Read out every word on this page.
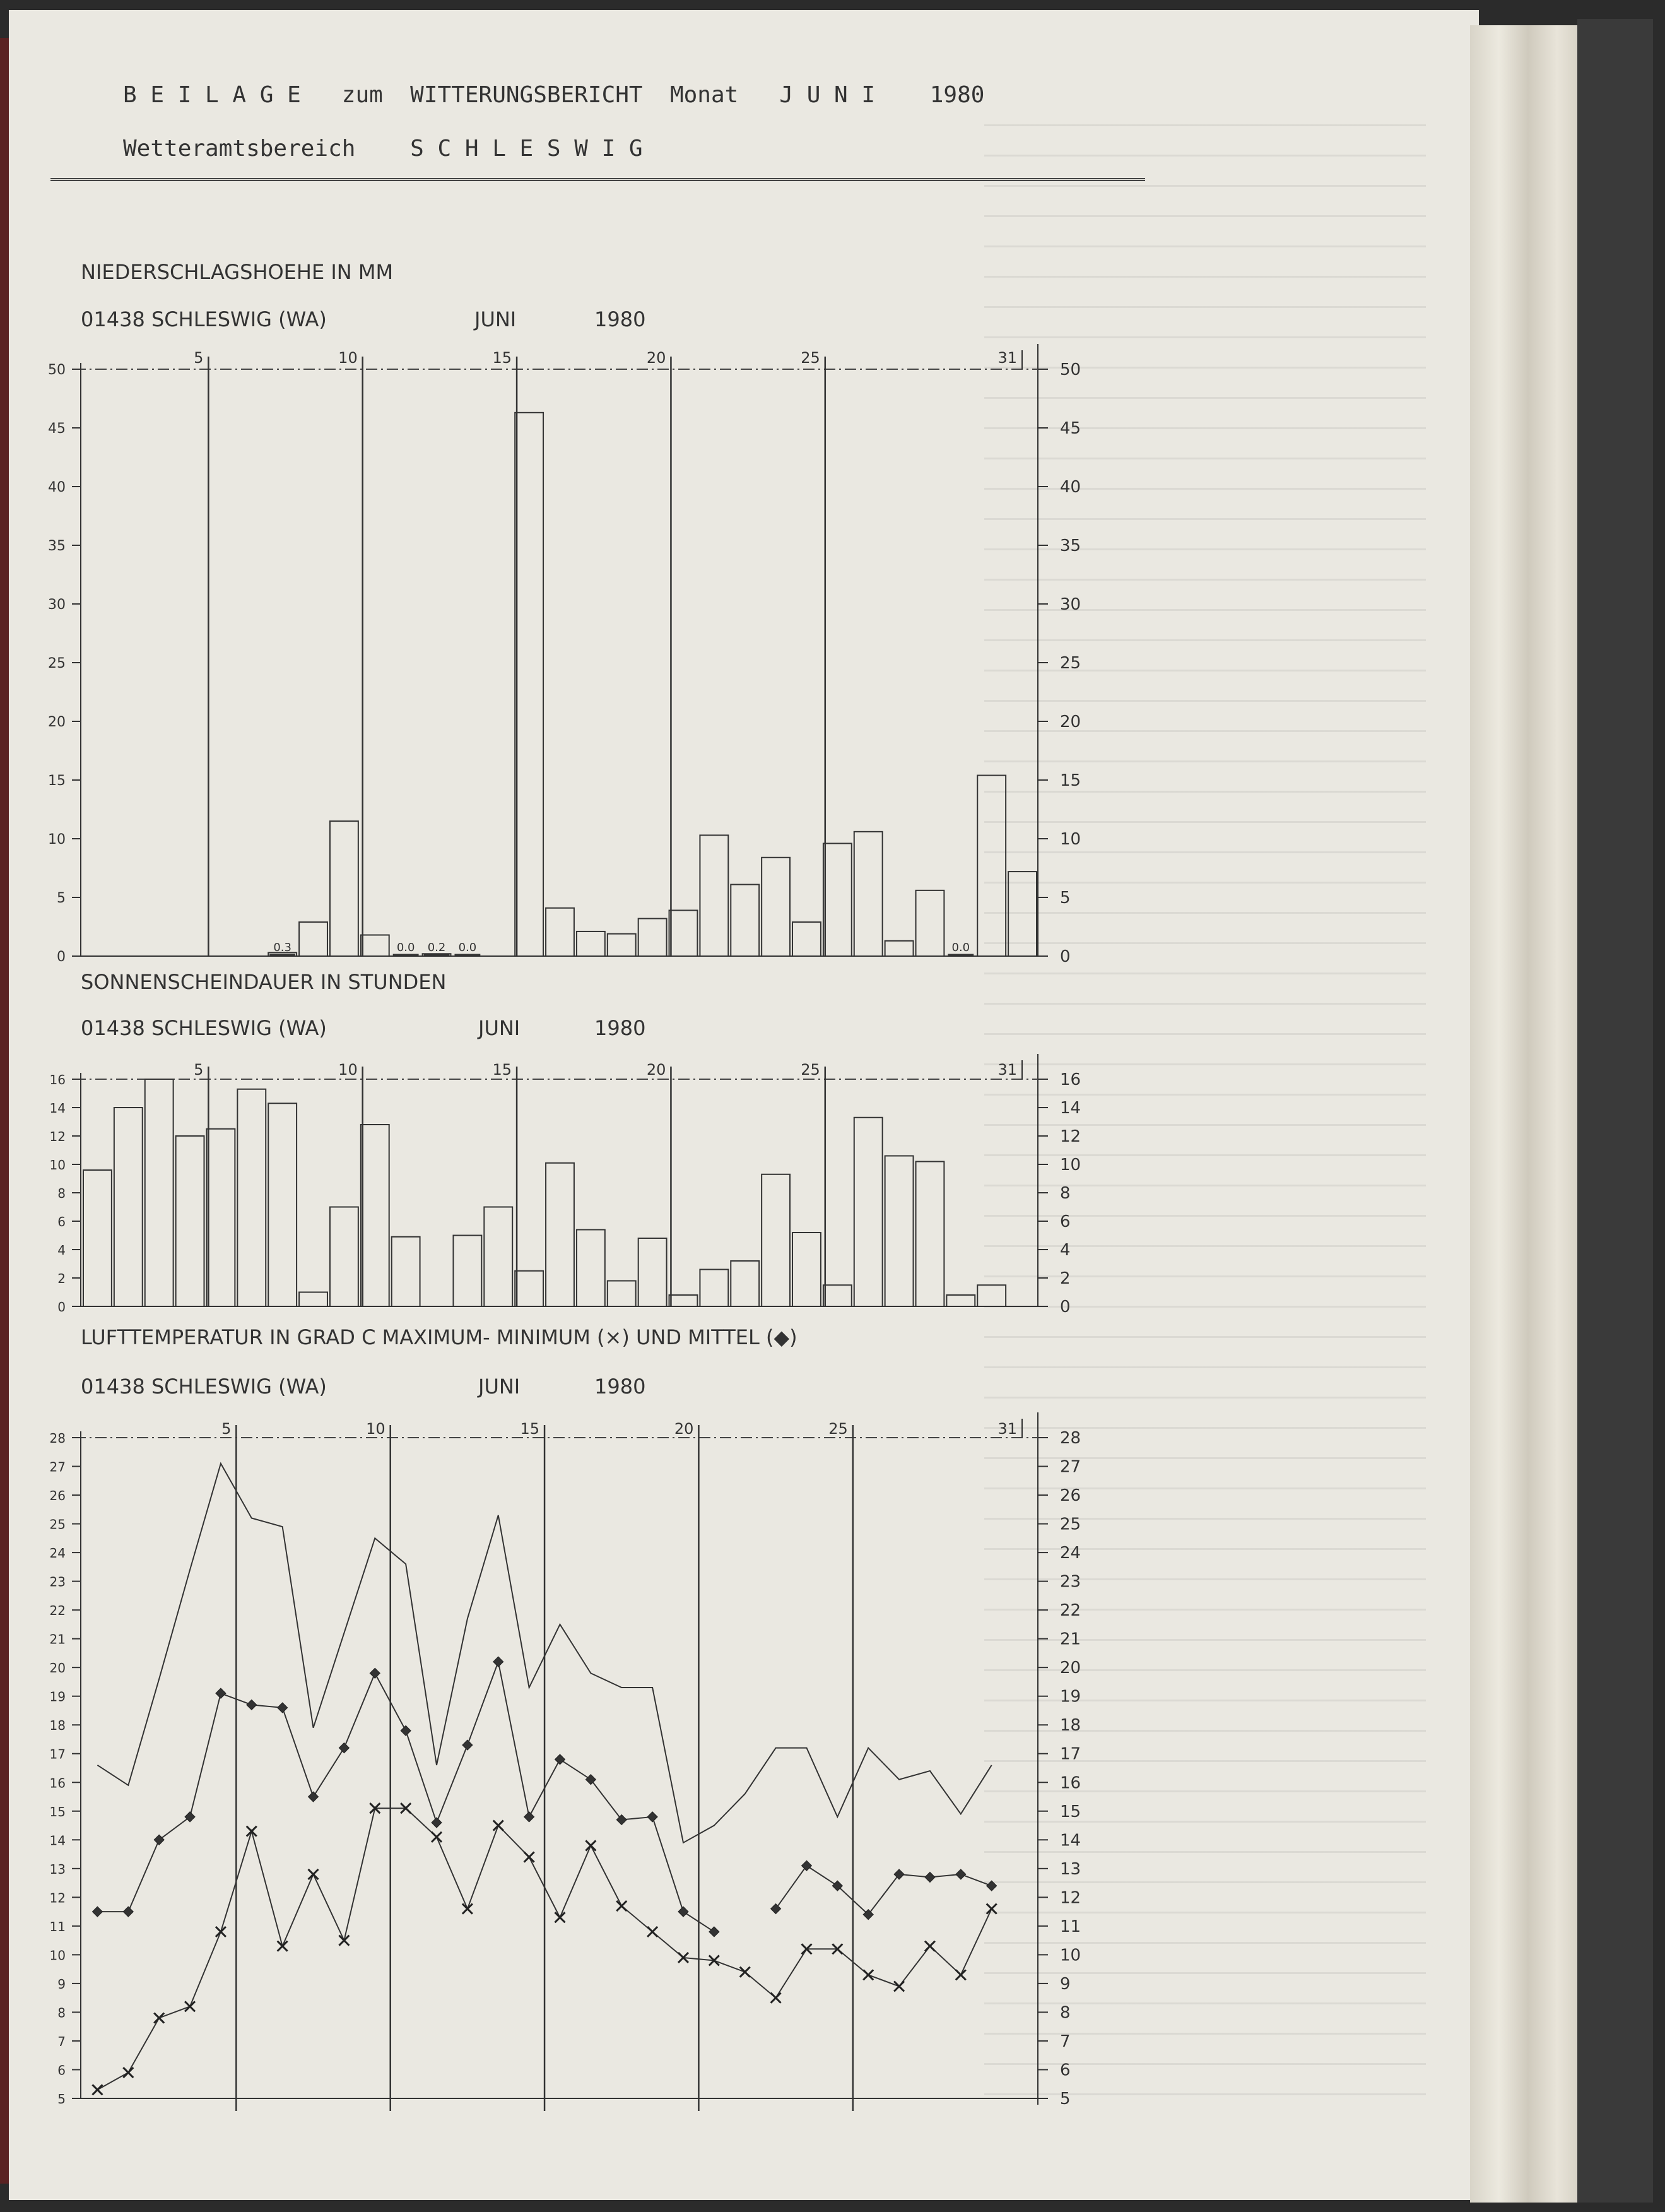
B E I L A G E   zum  WITTERUNGSBERICHT  Monat   J U N I    1980
Wetteramtsbereich    S C H L E S W I G
NIEDERSCHLAGSHOEHE IN MM
01438 SCHLESWIG (WA)	JUNI	1980
0	0
5	5
10	10
15	15
20	20
25	25
30	30
35	35
40	40
45	45
50	50
5	10	15	20	25	31
0.3	0.0 0.2 0.0	0.0
SONNENSCHEINDAUER IN STUNDEN
01438 SCHLESWIG (WA)	JUNI	1980
0	0
2	2
4	4
6	6
8	8
10	10
12	12
14	14
16	16
5	10	15	20	25	31
LUFTTEMPERATUR IN GRAD C MAXIMUM- MINIMUM (×) UND MITTEL (◆)
01438 SCHLESWIG (WA)	JUNI	1980
5	5
6	6
7	7
8	8
9	9
10	10
11	11
12	12
13	13
14	14
15	15
16	16
17	17
18	18
19	19
20	20
21	21
22	22
23	23
24	24
25	25
26	26
27	27
28	28
5	10	15	20	25	31
